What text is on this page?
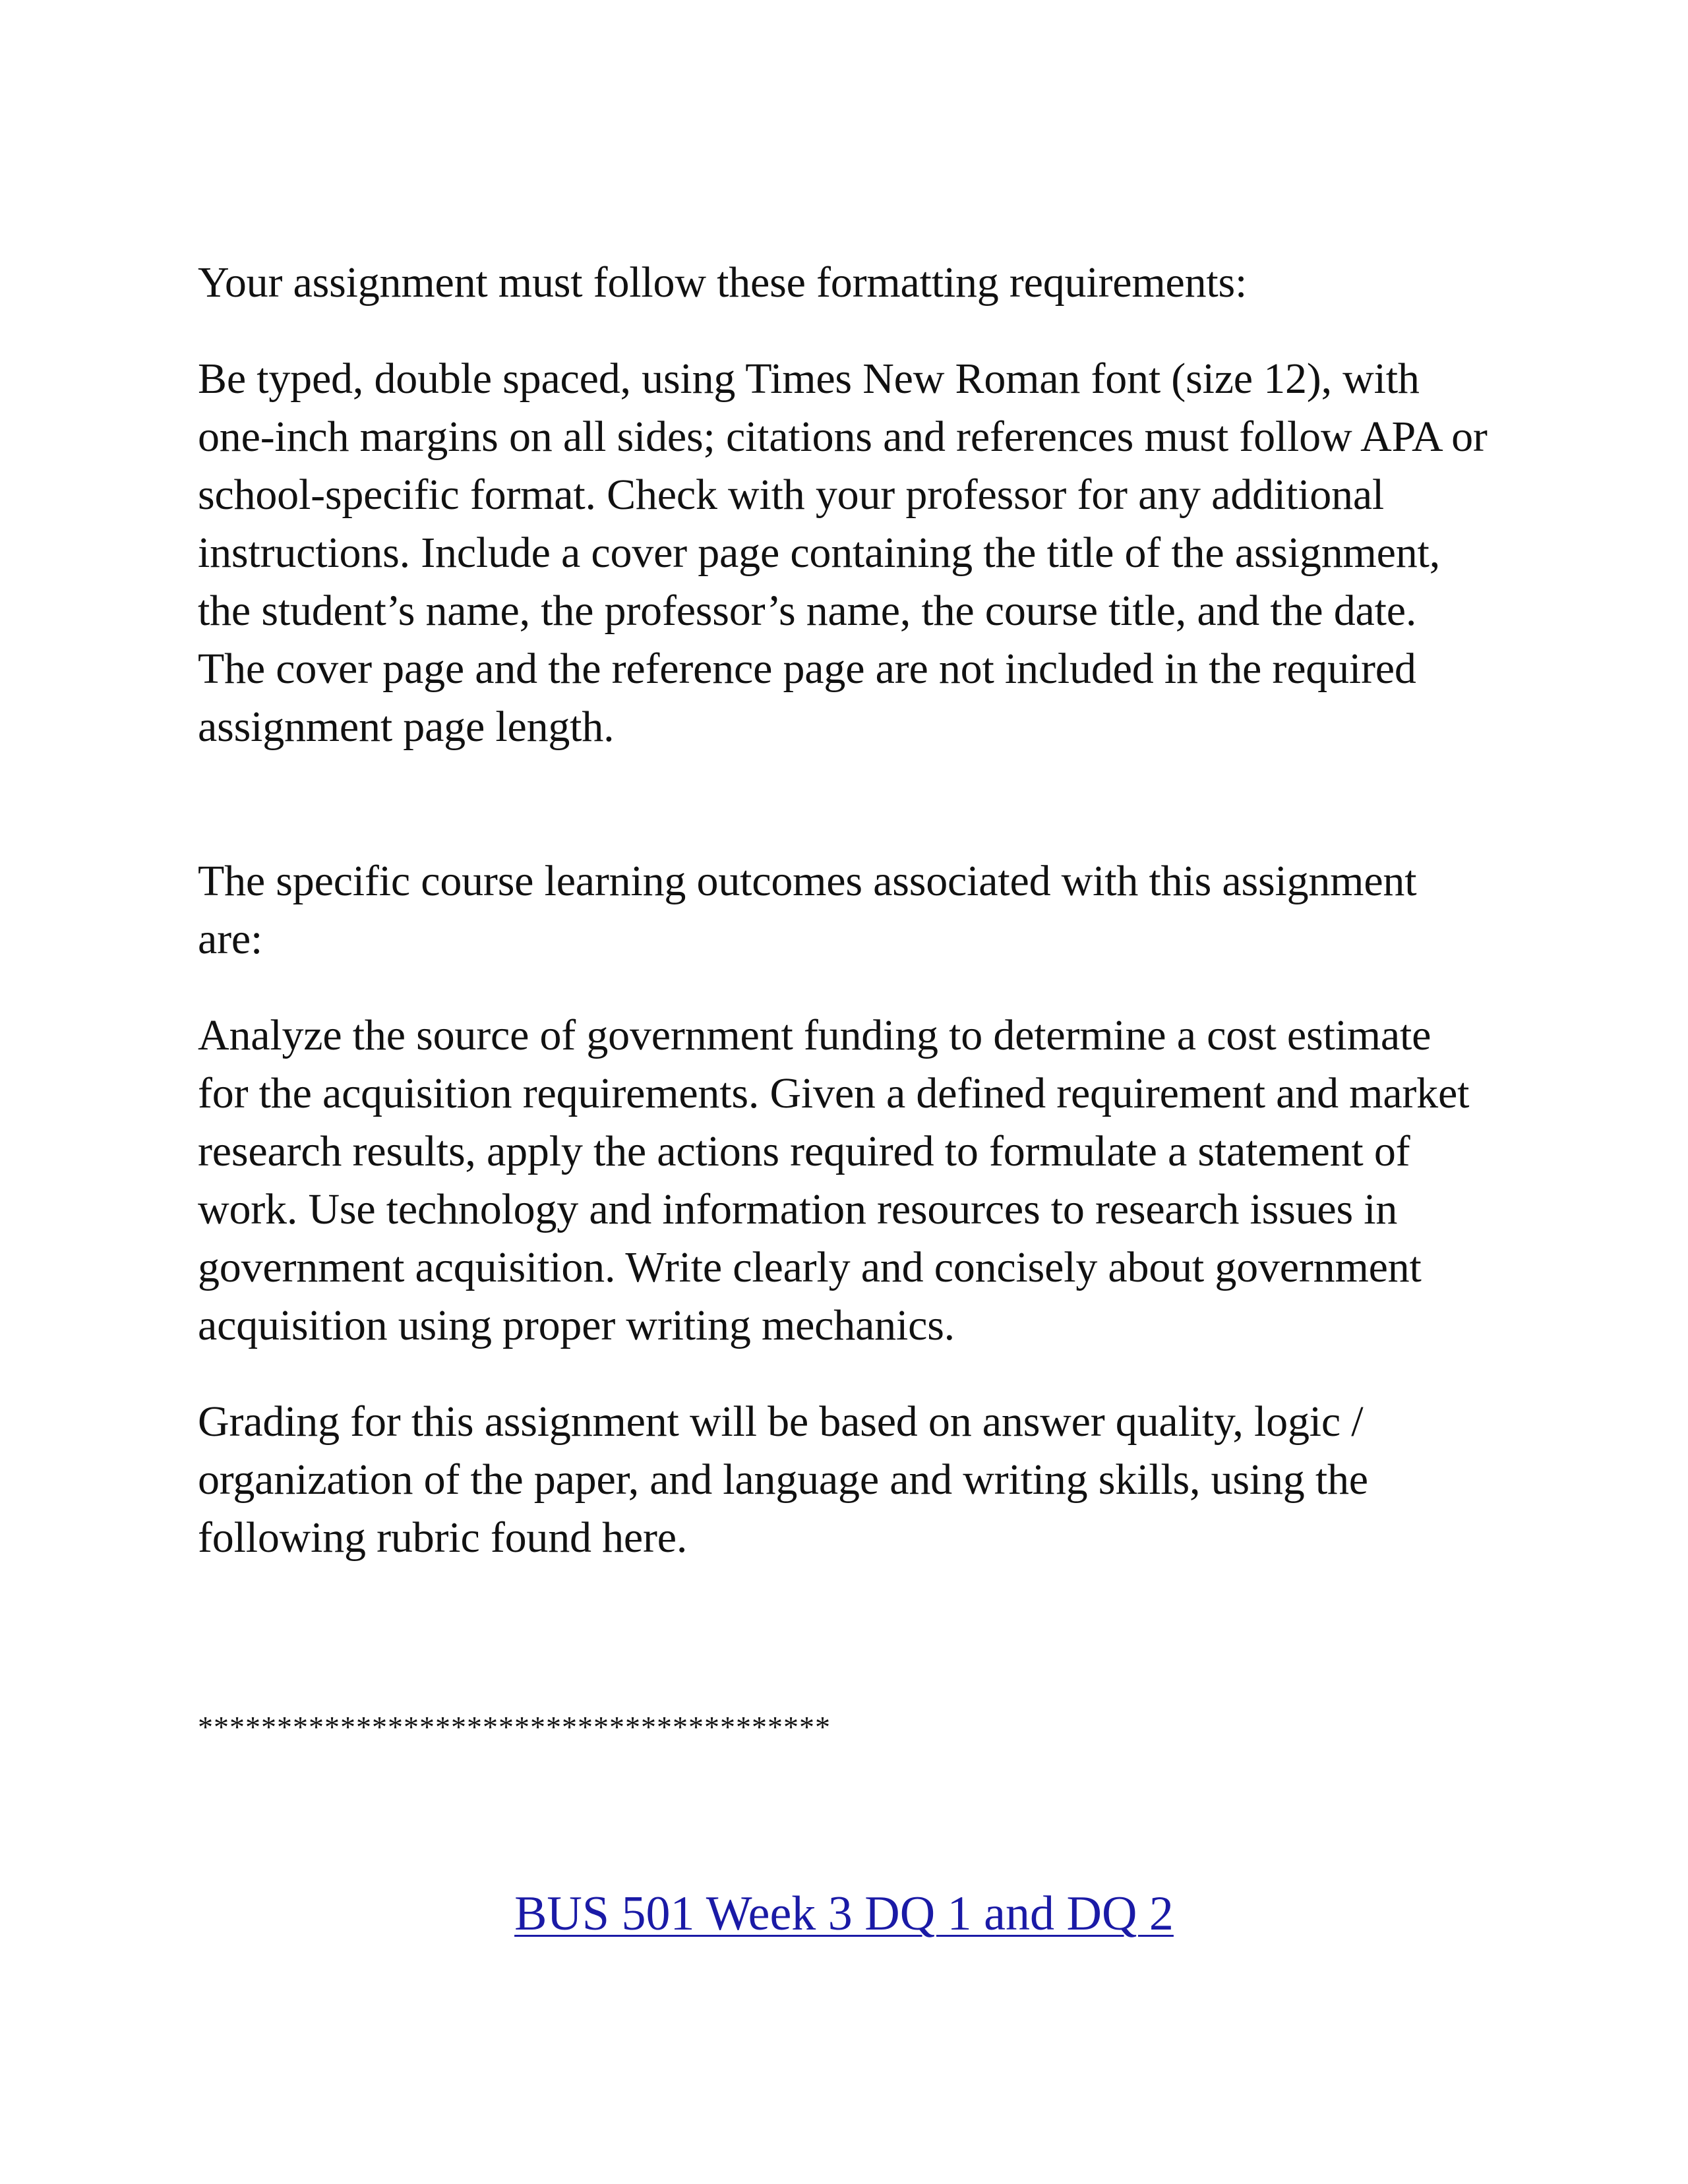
Your assignment must follow these formatting requirements:

Be typed, double spaced, using Times New Roman font (size 12), with one-inch margins on all sides; citations and references must follow APA or school-specific format. Check with your professor for any additional instructions. Include a cover page containing the title of the assignment, the student’s name, the professor’s name, the course title, and the date. The cover page and the reference page are not included in the required assignment page length.

The specific course learning outcomes associated with this assignment are:

Analyze the source of government funding to determine a cost estimate for the acquisition requirements. Given a defined requirement and market research results, apply the actions required to formulate a statement of work. Use technology and information resources to research issues in government acquisition. Write clearly and concisely about government acquisition using proper writing mechanics.

Grading for this assignment will be based on answer quality, logic / organization of the paper, and language and writing skills, using the following rubric found here.

****************************************
BUS 501 Week 3 DQ 1 and DQ 2
